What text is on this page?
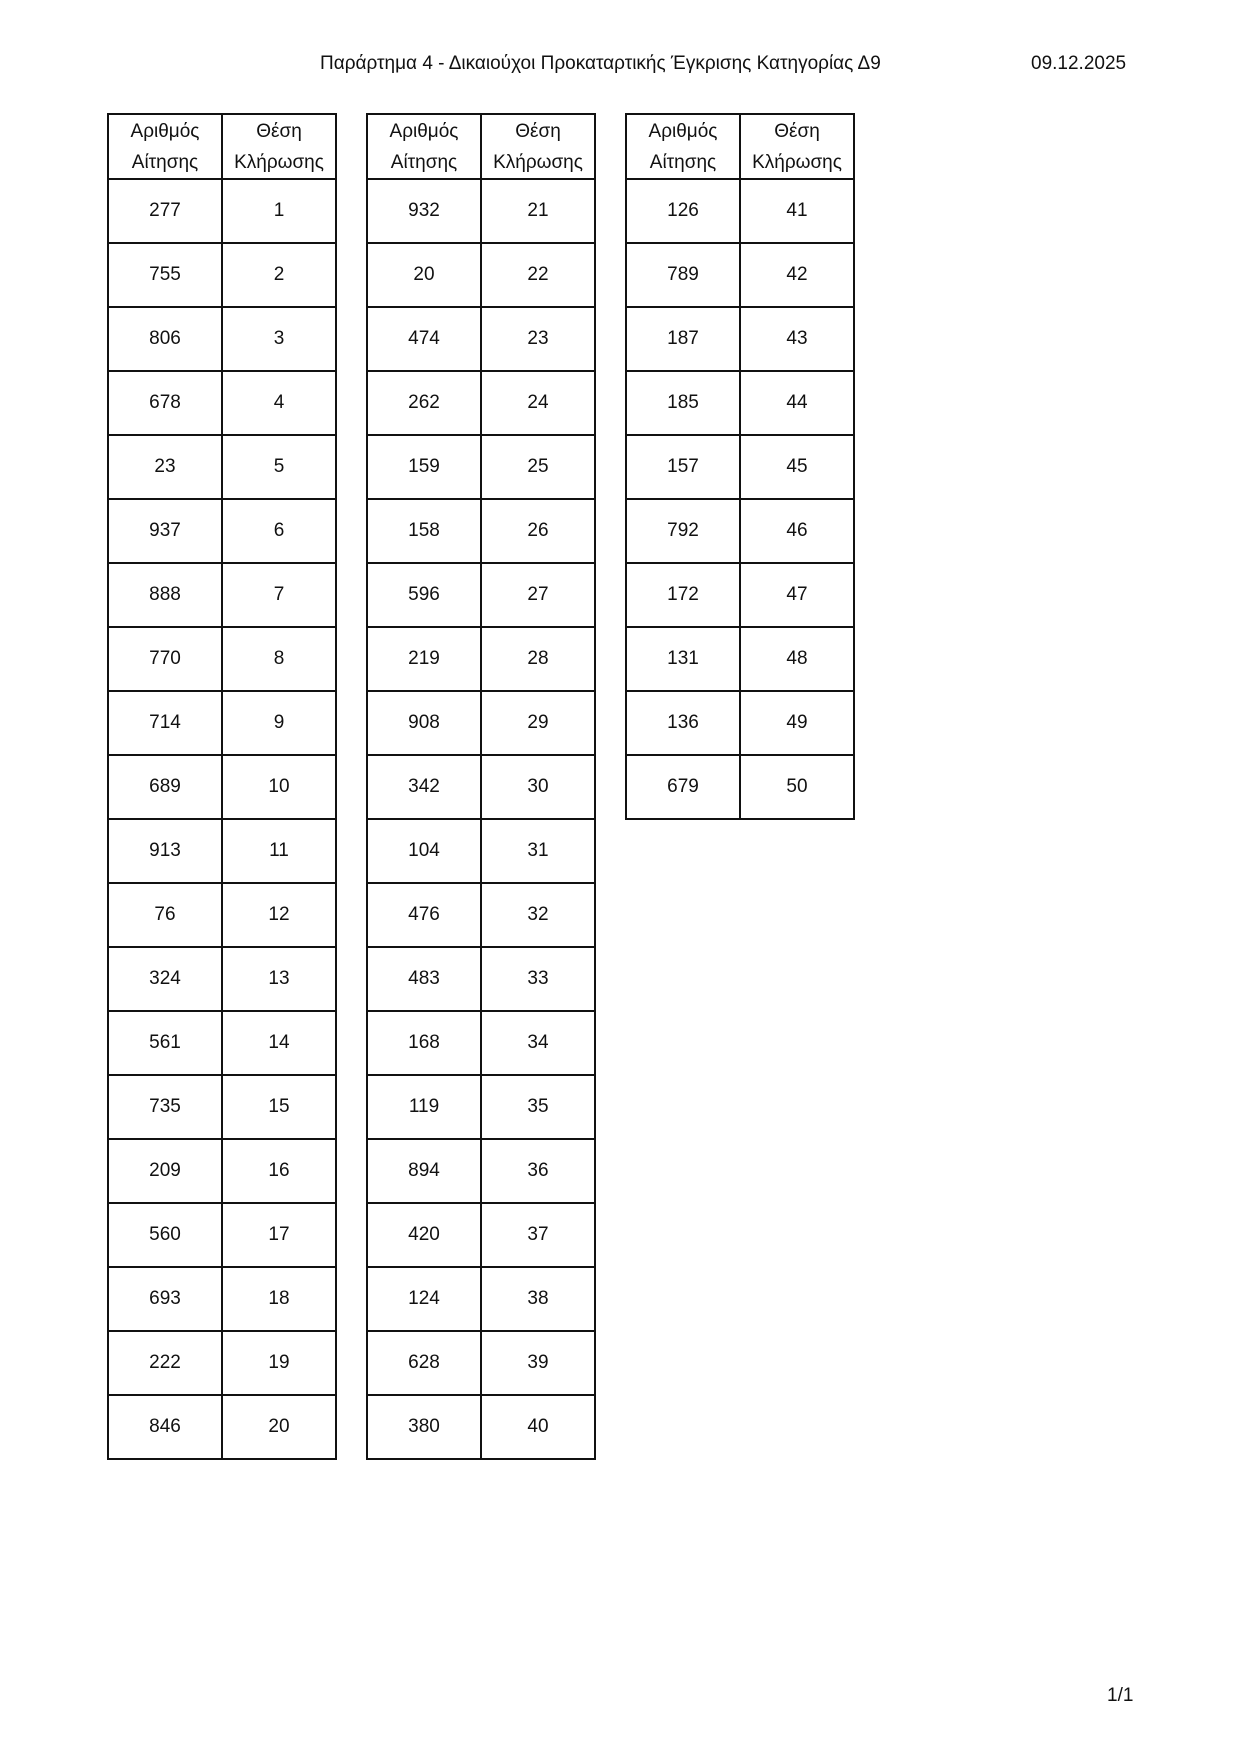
Παράρτημα 4 - Δικαιούχοι Προκαταρτικής Έγκρισης Κατηγορίας Δ9	09.12.2025
Αριθμός
Αίτησης	Θέση
Κλήρωσης

277	1
755	2
806	3
678	4
23	5
937	6
888	7
770	8
714	9
689	10
913	11
76	12
324	13
561	14
735	15
209	16
560	17
693	18
222	19
846	20
Αριθμός
Αίτησης	Θέση
Κλήρωσης

932	21
20	22
474	23
262	24
159	25
158	26
596	27
219	28
908	29
342	30
104	31
476	32
483	33
168	34
119	35
894	36
420	37
124	38
628	39
380	40
Αριθμός
Αίτησης	Θέση
Κλήρωσης

126	41
789	42
187	43
185	44
157	45
792	46
172	47
131	48
136	49
679	50
1/1
